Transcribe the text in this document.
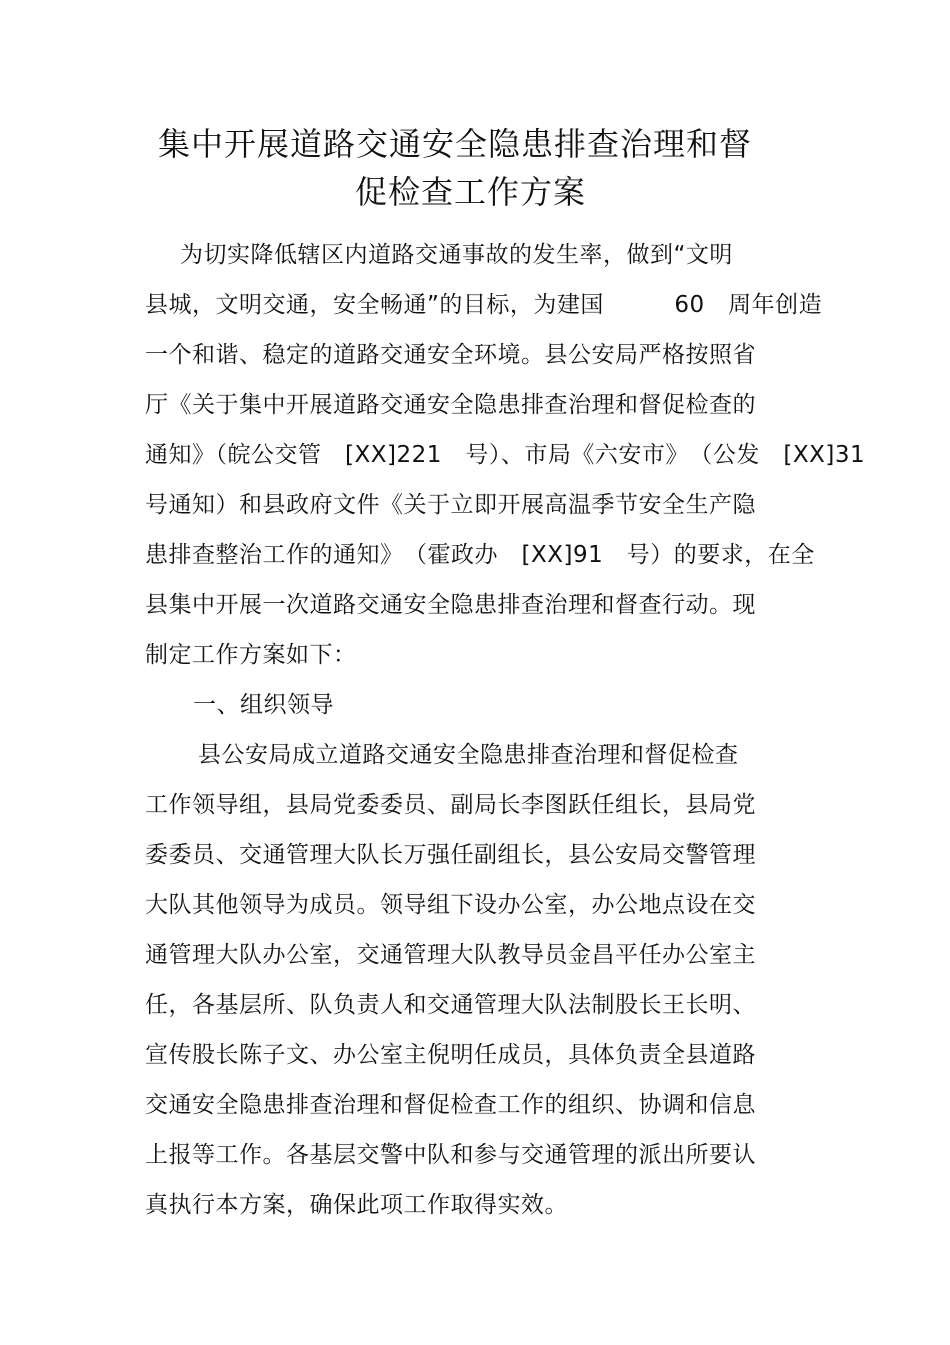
集中开展道路交通安全隐患排查治理和督
促检查工作方案
为切实降低辖区内道路交通事故的发生率，做到“文明
县城，文明交通，安全畅通”的目标，为建国　　　60　周年创造
一个和谐、稳定的道路交通安全环境。县公安局严格按照省
厅《关于集中开展道路交通安全隐患排查治理和督促检查的
通知》（皖公交管　[XX]221　号）、市局《六安市》　（公发　[XX]31
号通知）和县政府文件《关于立即开展高温季节安全生产隐
患排查整治工作的通知》　（霍政办　[XX]91　号）的要求，在全
县集中开展一次道路交通安全隐患排查治理和督查行动。现
制定工作方案如下：
一、组织领导
县公安局成立道路交通安全隐患排查治理和督促检查
工作领导组，县局党委委员、副局长李图跃任组长，县局党
委委员、交通管理大队长万强任副组长，县公安局交警管理
大队其他领导为成员。领导组下设办公室，办公地点设在交
通管理大队办公室，交通管理大队教导员金昌平任办公室主
任，各基层所、队负责人和交通管理大队法制股长王长明、
宣传股长陈子文、办公室主倪明任成员，具体负责全县道路
交通安全隐患排查治理和督促检查工作的组织、协调和信息
上报等工作。各基层交警中队和参与交通管理的派出所要认
真执行本方案，确保此项工作取得实效。
